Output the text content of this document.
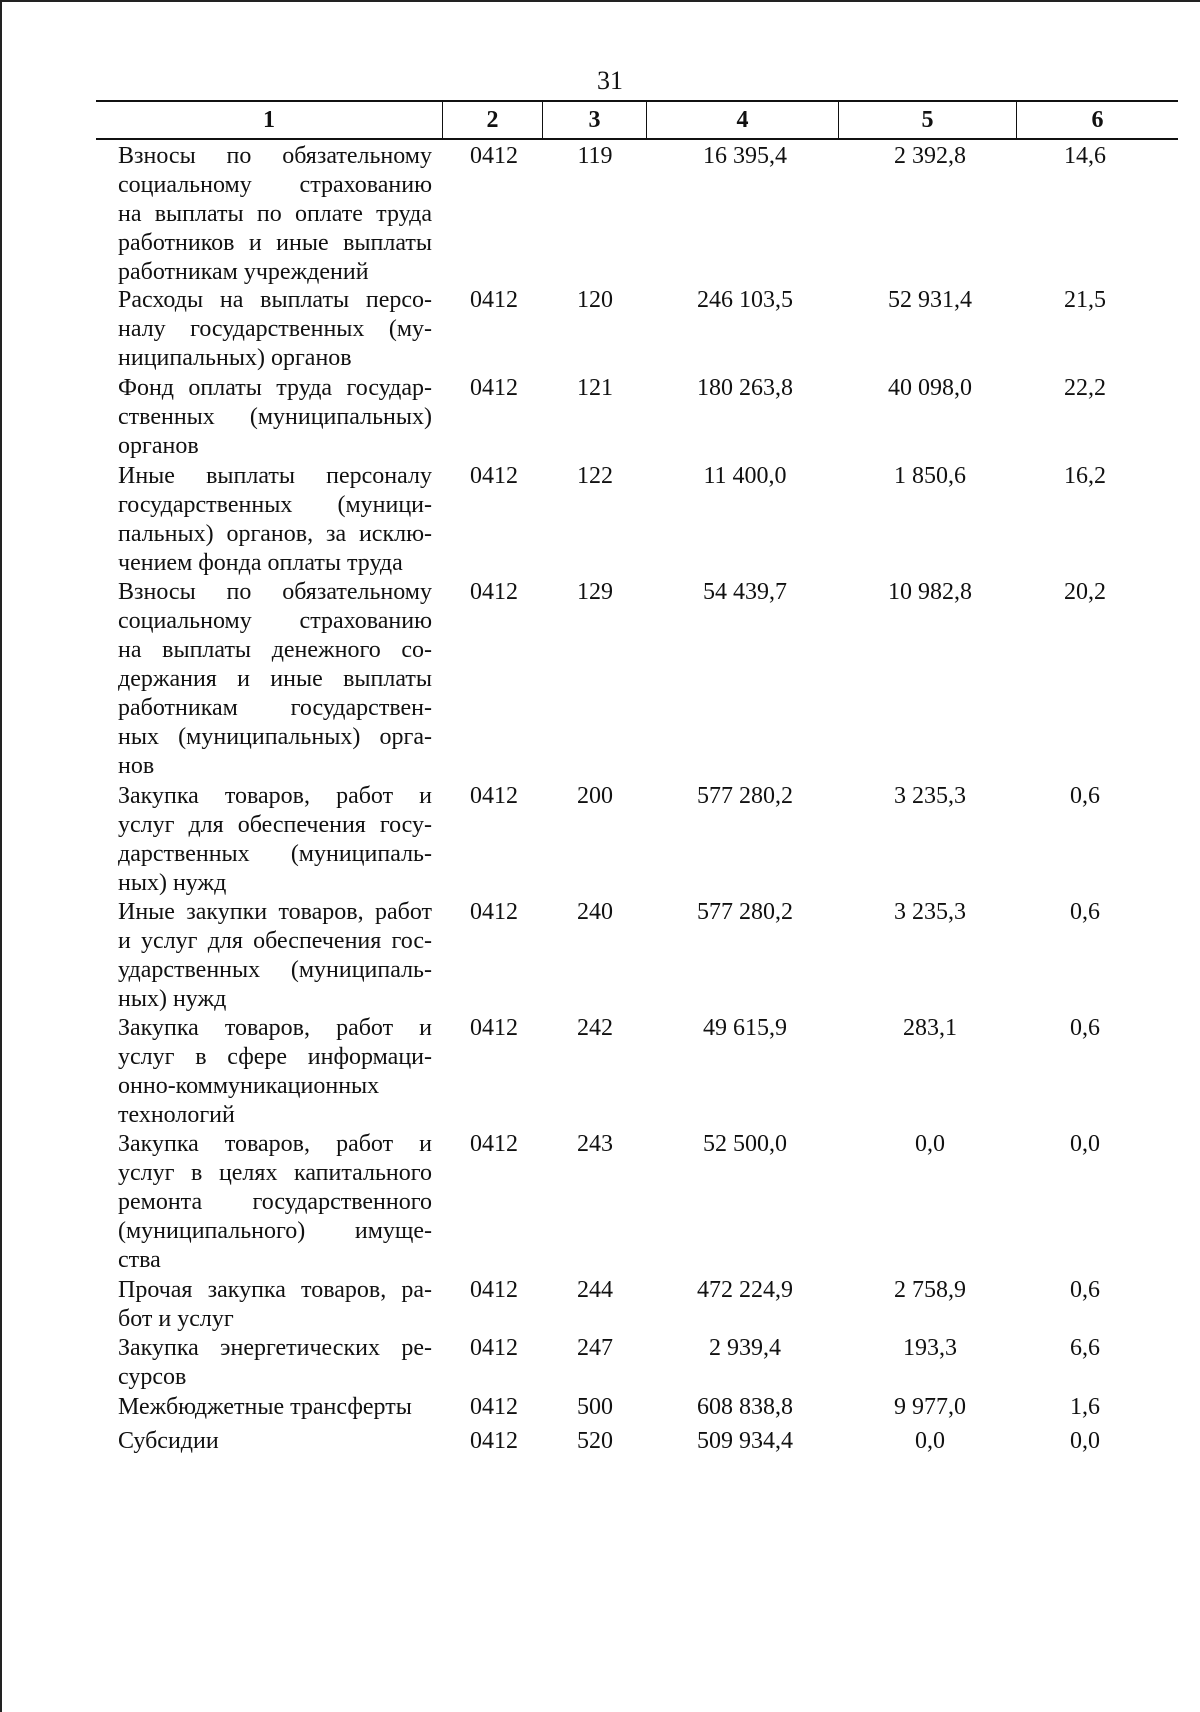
31
1	2	3	4	5	6
Взносы по обязательному
социальному страхованию
на выплаты по оплате труда
работников и иные выплаты
работникам учреждений
0412	119	16 395,4	2 392,8	14,6
Расходы на выплаты персо-
налу государственных (му-
ниципальных) органов
0412	120	246 103,5	52 931,4	21,5
Фонд оплаты труда государ-
ственных (муниципальных)
органов
0412	121	180 263,8	40 098,0	22,2
Иные выплаты персоналу
государственных (муници-
пальных) органов, за исклю-
чением фонда оплаты труда
0412	122	11 400,0	1 850,6	16,2
Взносы по обязательному
социальному страхованию
на выплаты денежного со-
держания и иные выплаты
работникам государствен-
ных (муниципальных) орга-
нов
0412	129	54 439,7	10 982,8	20,2
Закупка товаров, работ и
услуг для обеспечения госу-
дарственных (муниципаль-
ных) нужд
0412	200	577 280,2	3 235,3	0,6
Иные закупки товаров, работ
и услуг для обеспечения гос-
ударственных (муниципаль-
ных) нужд
0412	240	577 280,2	3 235,3	0,6
Закупка товаров, работ и
услуг в сфере информаци-
онно-коммуникационных
технологий
0412	242	49 615,9	283,1	0,6
Закупка товаров, работ и
услуг в целях капитального
ремонта государственного
(муниципального) имуще-
ства
0412	243	52 500,0	0,0	0,0
Прочая закупка товаров, ра-
бот и услуг
0412	244	472 224,9	2 758,9	0,6
Закупка энергетических ре-
сурсов
0412	247	2 939,4	193,3	6,6
Межбюджетные трансферты	0412	500	608 838,8	9 977,0	1,6
Субсидии	0412	520	509 934,4	0,0	0,0
